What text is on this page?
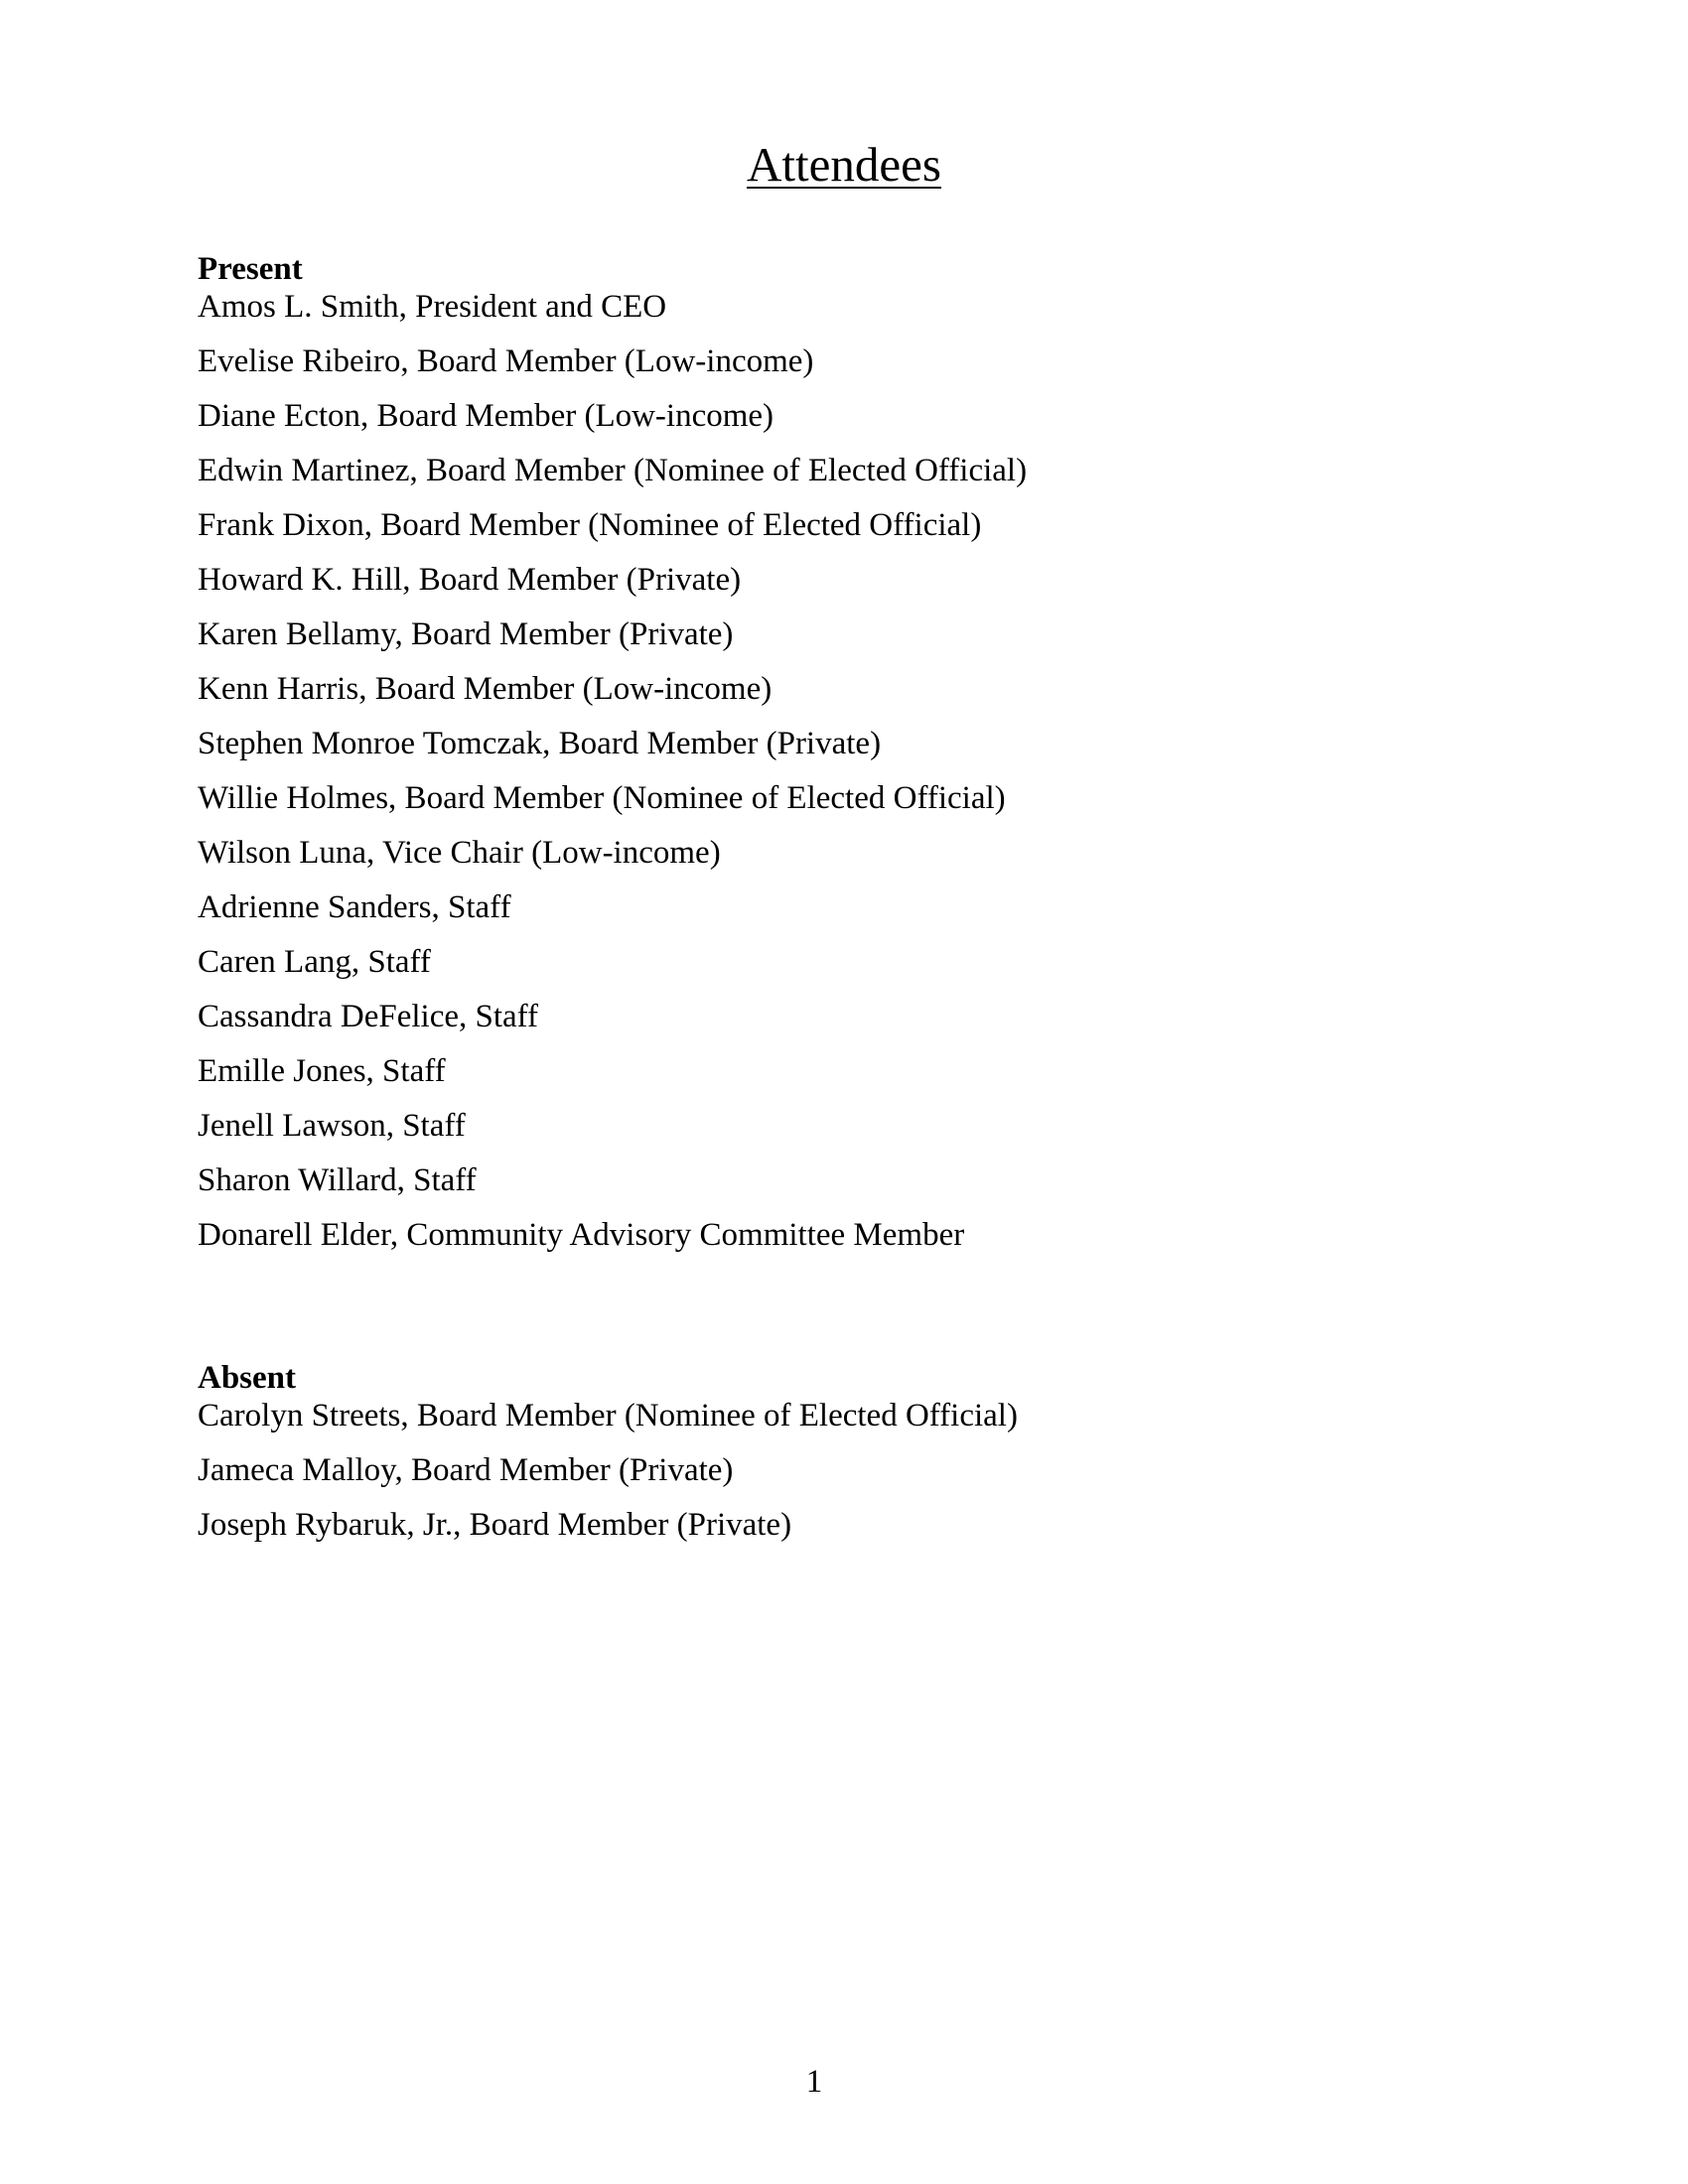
Attendees
Present
Amos L. Smith, President and CEO
Evelise Ribeiro, Board Member (Low-income)
Diane Ecton, Board Member (Low-income)
Edwin Martinez, Board Member (Nominee of Elected Official)
Frank Dixon, Board Member (Nominee of Elected Official)
Howard K. Hill, Board Member (Private)
Karen Bellamy, Board Member (Private)
Kenn Harris, Board Member (Low-income)
Stephen Monroe Tomczak, Board Member (Private)
Willie Holmes, Board Member (Nominee of Elected Official)
Wilson Luna, Vice Chair (Low-income)
Adrienne Sanders, Staff
Caren Lang, Staff
Cassandra DeFelice, Staff
Emille Jones, Staff
Jenell Lawson, Staff
Sharon Willard, Staff
Donarell Elder, Community Advisory Committee Member
Absent
Carolyn Streets, Board Member (Nominee of Elected Official)
Jameca Malloy, Board Member (Private)
Joseph Rybaruk, Jr., Board Member (Private)
1
